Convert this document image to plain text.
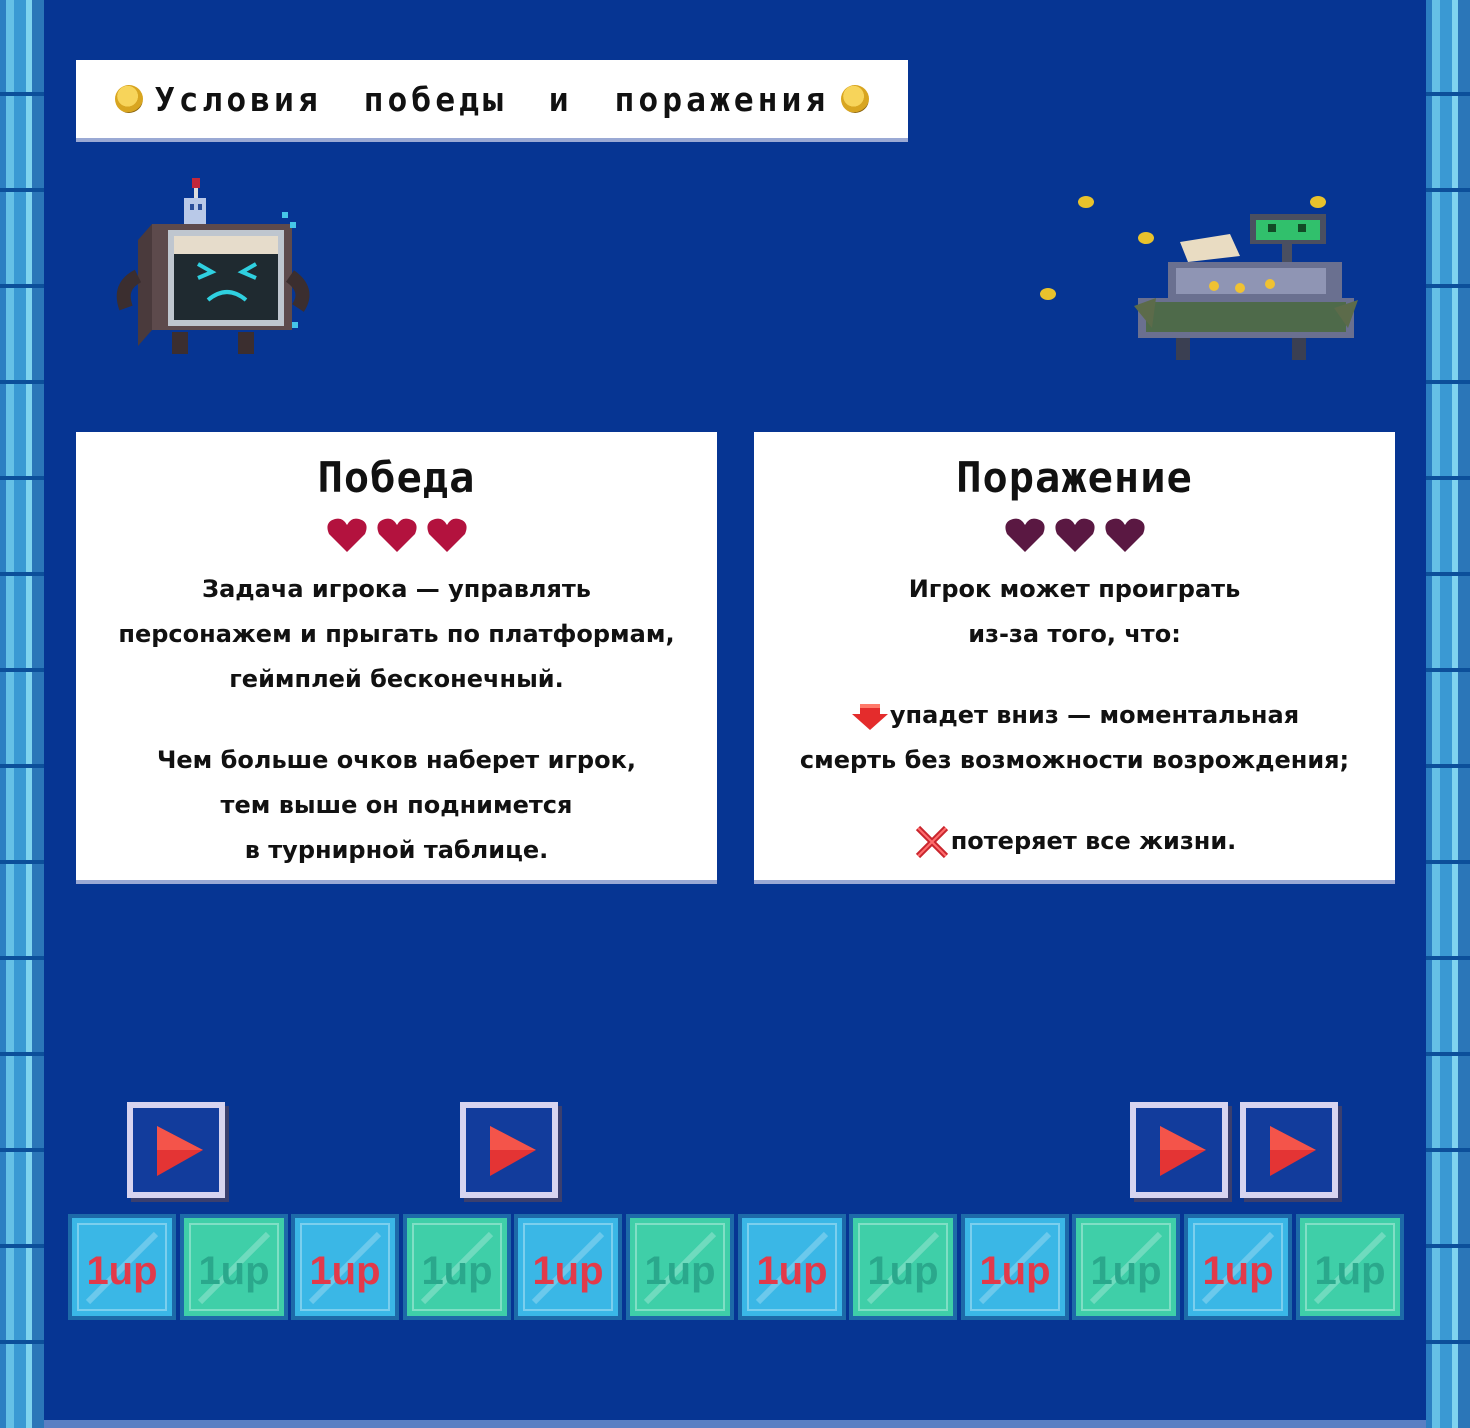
Условия победы и поражения
Победа
Задача игрока — управлять
персонажем и прыгать по платформам,
геймплей бесконечный.
Чем больше очков наберет игрок,
тем выше он поднимется
в турнирной таблице.
Поражение
Игрок может проиграть
из-за того, что:
упадет вниз — моментальная
смерть без возможности возрождения;
потеряет все жизни.
1up 1up 1up 1up 1up 1up 1up 1up 1up 1up 1up 1up
